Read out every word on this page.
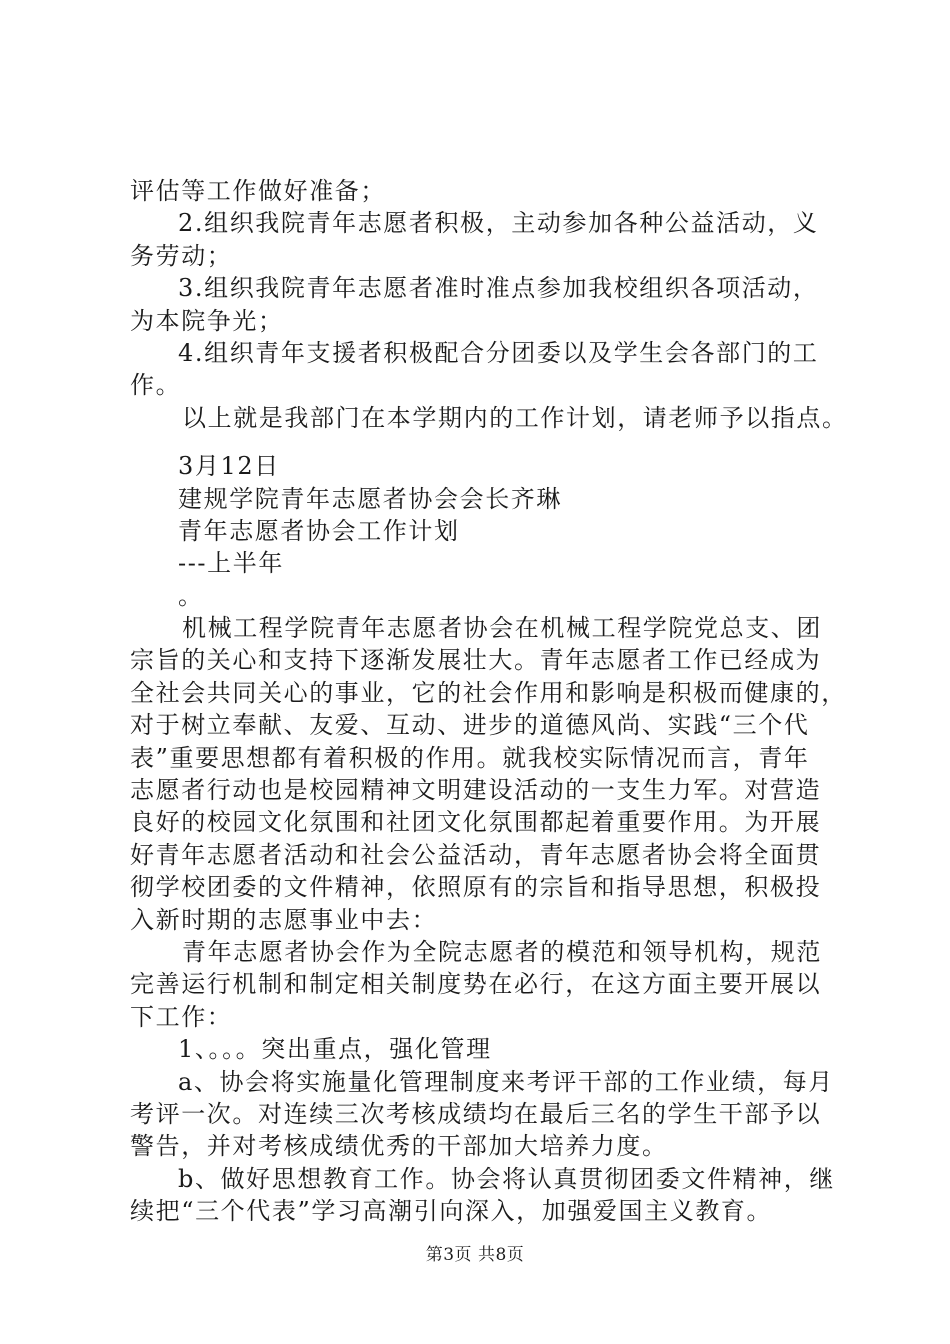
评估等工作做好准备；
2.组织我院青年志愿者积极，主动参加各种公益活动，义
务劳动；
3.组织我院青年志愿者准时准点参加我校组织各项活动，
为本院争光；
4.组织青年支援者积极配合分团委以及学生会各部门的工
作。
以上就是我部门在本学期内的工作计划，请老师予以指点。
3月12日
建规学院青年志愿者协会会长齐琳
青年志愿者协会工作计划
---上半年
。
机械工程学院青年志愿者协会在机械工程学院党总支、团
宗旨的关心和支持下逐渐发展壮大。青年志愿者工作已经成为
全社会共同关心的事业，它的社会作用和影响是积极而健康的，
对于树立奉献、友爱、互动、进步的道德风尚、实践“三个代
表”重要思想都有着积极的作用。就我校实际情况而言，青年
志愿者行动也是校园精神文明建设活动的一支生力军。对营造
良好的校园文化氛围和社团文化氛围都起着重要作用。为开展
好青年志愿者活动和社会公益活动，青年志愿者协会将全面贯
彻学校团委的文件精神，依照原有的宗旨和指导思想，积极投
入新时期的志愿事业中去：
青年志愿者协会作为全院志愿者的模范和领导机构，规范
完善运行机制和制定相关制度势在必行，在这方面主要开展以
下工作：
1、。。。突出重点，强化管理
a、协会将实施量化管理制度来考评干部的工作业绩，每月
考评一次。对连续三次考核成绩均在最后三名的学生干部予以
警告，并对考核成绩优秀的干部加大培养力度。
b、做好思想教育工作。协会将认真贯彻团委文件精神，继
续把“三个代表”学习高潮引向深入，加强爱国主义教育。
第3页 共8页
